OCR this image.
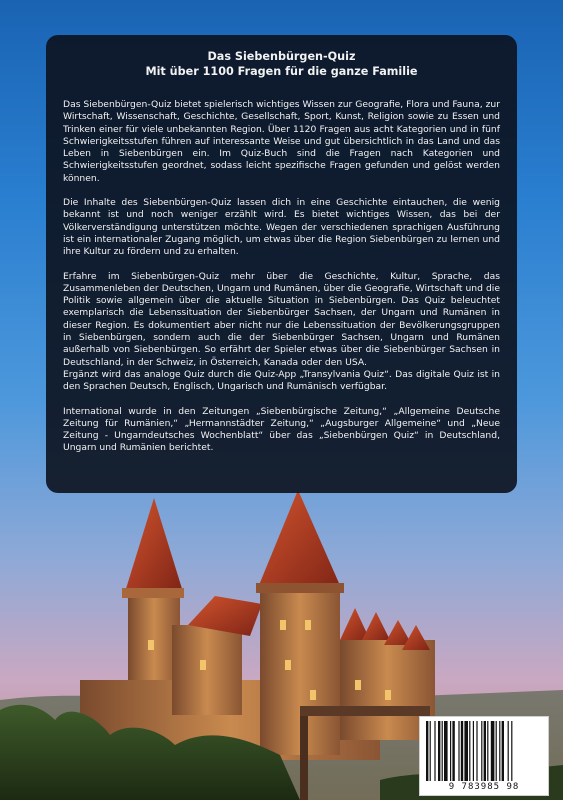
Das Siebenbürgen-Quiz
Mit über 1100 Fragen für die ganze Familie

Das Siebenbürgen-Quiz bietet spielerisch wichtiges Wissen zur Geografie, Flora und Fauna, zur Wirtschaft, Wissenschaft, Geschichte, Gesellschaft, Sport, Kunst, Religion sowie zu Essen und Trinken einer für viele unbekannten Region. Über 1120 Fragen aus acht Kategorien und in fünf Schwierigkeitsstufen führen auf interessante Weise und gut übersichtlich in das Land und das Leben in Siebenbürgen ein. Im Quiz-Buch sind die Fragen nach Kategorien und Schwierigkeitsstufen geordnet, sodass leicht spezifische Fragen gefunden und gelöst werden können.

Die Inhalte des Siebenbürgen-Quiz lassen dich in eine Geschichte eintauchen, die wenig bekannt ist und noch weniger erzählt wird. Es bietet wichtiges Wissen, das bei der Völkerverständigung unterstützen möchte. Wegen der verschiedenen sprachigen Ausführung ist ein internationaler Zugang möglich, um etwas über die Region Siebenbürgen zu lernen und ihre Kultur zu fördern und zu erhalten.

Erfahre im Siebenbürgen-Quiz mehr über die Geschichte, Kultur, Sprache, das Zusammenleben der Deutschen, Ungarn und Rumänen, über die Geografie, Wirtschaft und die Politik sowie allgemein über die aktuelle Situation in Siebenbürgen. Das Quiz beleuchtet exemplarisch die Lebenssituation der Siebenbürger Sachsen, der Ungarn und Rumänen in dieser Region. Es dokumentiert aber nicht nur die Lebenssituation der Bevölkerungsgruppen in Siebenbürgen, sondern auch die der Siebenbürger Sachsen, Ungarn und Rumänen außerhalb von Siebenbürgen. So erfährt der Spieler etwas über die Siebenbürger Sachsen in Deutschland, in der Schweiz, in Österreich, Kanada oder den USA.
Ergänzt wird das analoge Quiz durch die Quiz-App „Transylvania Quiz“. Das digitale Quiz ist in den Sprachen Deutsch, Englisch, Ungarisch und Rumänisch verfügbar.

International wurde in den Zeitungen „Siebenbürgische Zeitung,“ „Allgemeine Deutsche Zeitung für Rumänien,“ „Hermannstädter Zeitung,“ „Augsburger Allgemeine“ und „Neue Zeitung - Ungarndeutsches Wochenblatt“ über das „Siebenbürgen Quiz“ in Deutschland, Ungarn und Rumänien berichtet.

9 783985 98
